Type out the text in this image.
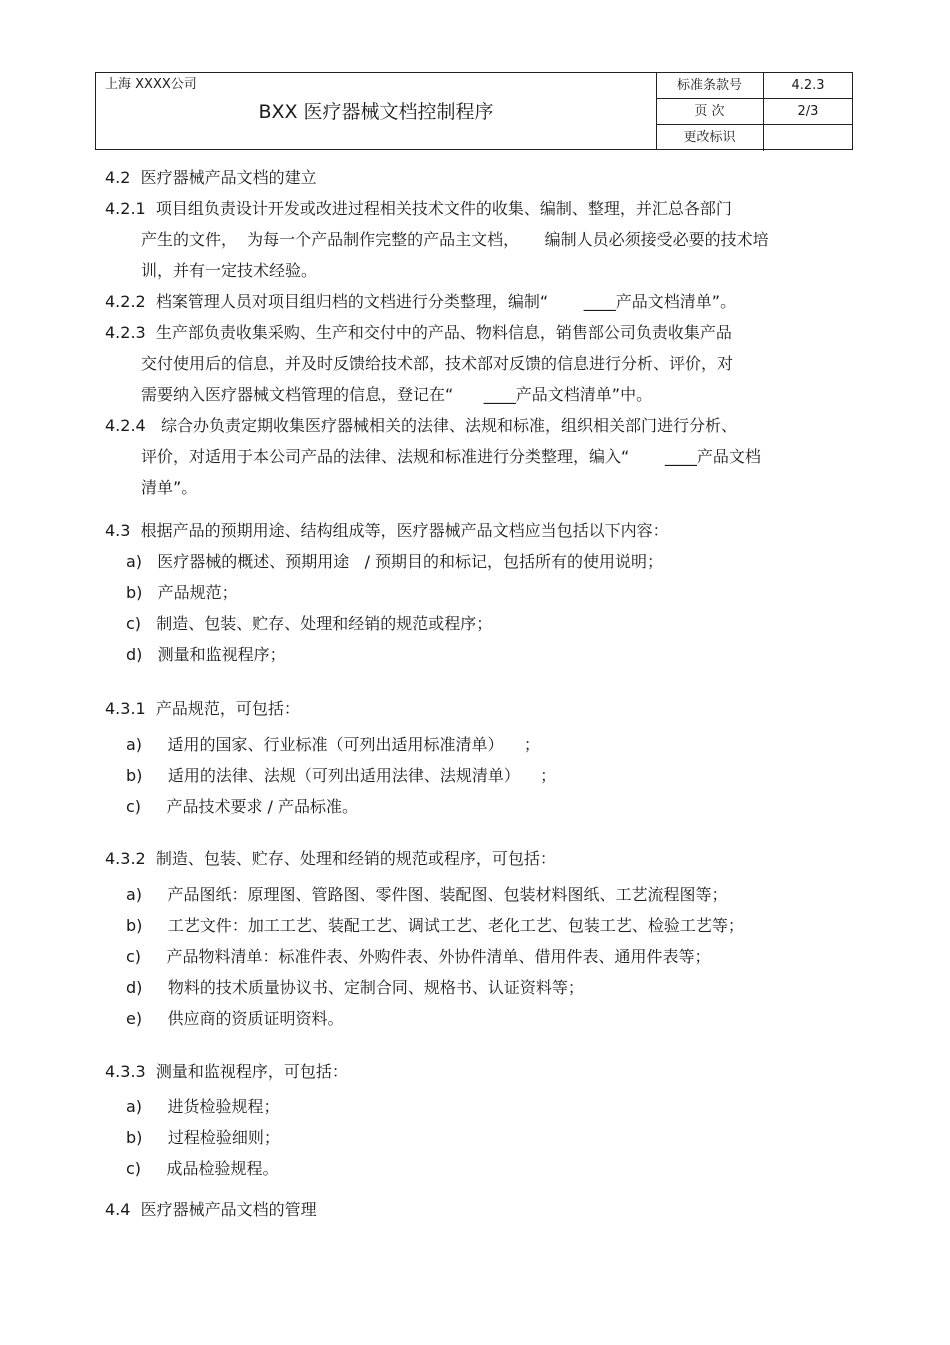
上海 XXXX公司
BXX 医疗器械文档控制程序
标准条款号	4.2.3
页 次	2/3
更改标识
4.2  医疗器械产品文档的建立
4.2.1  项目组负责设计开发或改进过程相关技术文件的收集、编制、整理，并汇总各部门
产生的文件，  为每一个产品制作完整的产品主文档，     编制人员必须接受必要的技术培
训，并有一定技术经验。
4.2.2  档案管理人员对项目组归档的文档进行分类整理，编制“       ____产品文档清单”。
4.2.3  生产部负责收集采购、生产和交付中的产品、物料信息，销售部公司负责收集产品
交付使用后的信息，并及时反馈给技术部，技术部对反馈的信息进行分析、评价，对
需要纳入医疗器械文档管理的信息，登记在“      ____产品文档清单”中。
4.2.4   综合办负责定期收集医疗器械相关的法律、法规和标准，组织相关部门进行分析、
评价，对适用于本公司产品的法律、法规和标准进行分类整理，编入“       ____产品文档
清单”。
4.3  根据产品的预期用途、结构组成等，医疗器械产品文档应当包括以下内容：
a)   医疗器械的概述、预期用途   / 预期目的和标记，包括所有的使用说明；
b)   产品规范；
c)   制造、包装、贮存、处理和经销的规范或程序；
d)   测量和监视程序；
4.3.1  产品规范，可包括：
a)     适用的国家、行业标准（可列出适用标准清单）    ；
b)     适用的法律、法规（可列出适用法律、法规清单）    ；
c)     产品技术要求 / 产品标准。
4.3.2  制造、包装、贮存、处理和经销的规范或程序，可包括：
a)     产品图纸：原理图、管路图、零件图、装配图、包装材料图纸、工艺流程图等；
b)     工艺文件：加工工艺、装配工艺、调试工艺、老化工艺、包装工艺、检验工艺等；
c)     产品物料清单：标准件表、外购件表、外协件清单、借用件表、通用件表等；
d)     物料的技术质量协议书、定制合同、规格书、认证资料等；
e)     供应商的资质证明资料。
4.3.3  测量和监视程序，可包括：
a)     进货检验规程；
b)     过程检验细则；
c)     成品检验规程。
4.4  医疗器械产品文档的管理
